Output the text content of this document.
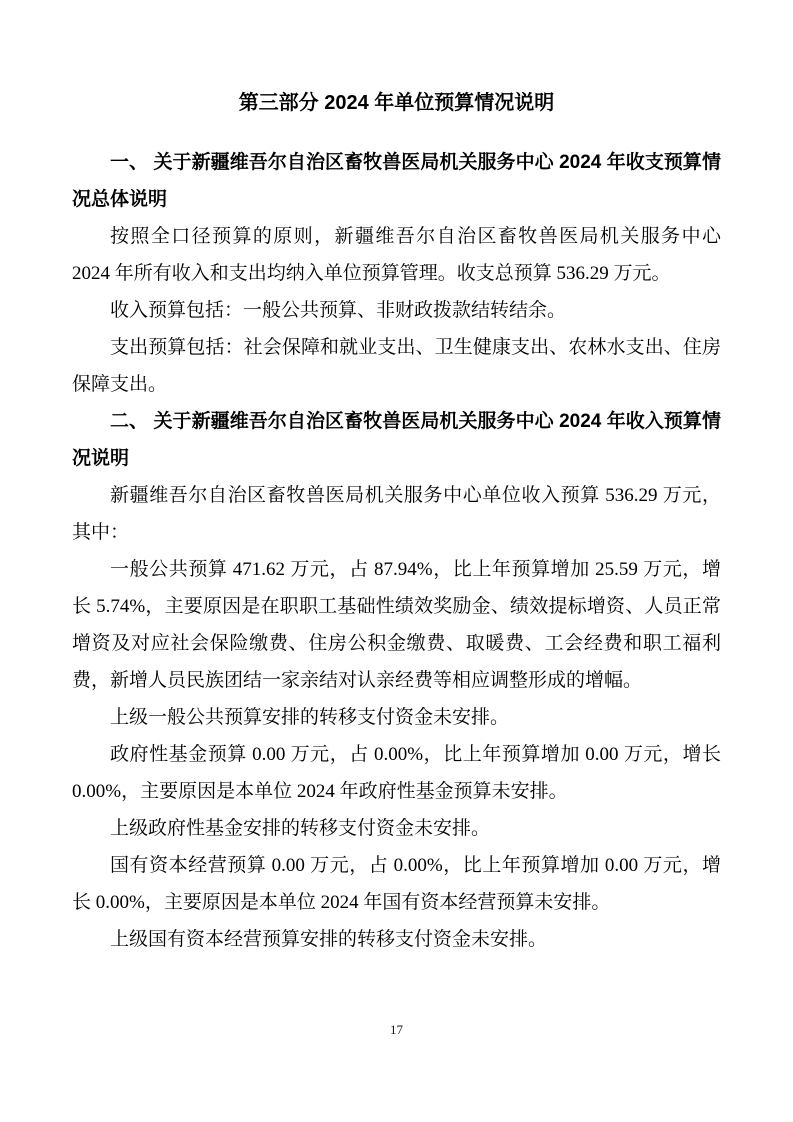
第三部分 2024 年单位预算情况说明
一、 关于新疆维吾尔自治区畜牧兽医局机关服务中心 2024 年收支预算情况总体说明

按照全口径预算的原则，新疆维吾尔自治区畜牧兽医局机关服务中心 2024 年所有收入和支出均纳入单位预算管理。收支总预算 536.29 万元。

收入预算包括：一般公共预算、非财政拨款结转结余。

支出预算包括：社会保障和就业支出、卫生健康支出、农林水支出、住房保障支出。

二、 关于新疆维吾尔自治区畜牧兽医局机关服务中心 2024 年收入预算情况说明

新疆维吾尔自治区畜牧兽医局机关服务中心单位收入预算 536.29 万元，其中：

一般公共预算 471.62 万元，占 87.94%，比上年预算增加 25.59 万元，增长 5.74%，主要原因是在职职工基础性绩效奖励金、绩效提标增资、人员正常增资及对应社会保险缴费、住房公积金缴费、取暖费、工会经费和职工福利费，新增人员民族团结一家亲结对认亲经费等相应调整形成的增幅。

上级一般公共预算安排的转移支付资金未安排。

政府性基金预算 0.00 万元，占 0.00%，比上年预算增加 0.00 万元，增长 0.00%，主要原因是本单位 2024 年政府性基金预算未安排。

上级政府性基金安排的转移支付资金未安排。

国有资本经营预算 0.00 万元，占 0.00%，比上年预算增加 0.00 万元，增长 0.00%，主要原因是本单位 2024 年国有资本经营预算未安排。

上级国有资本经营预算安排的转移支付资金未安排。

17
